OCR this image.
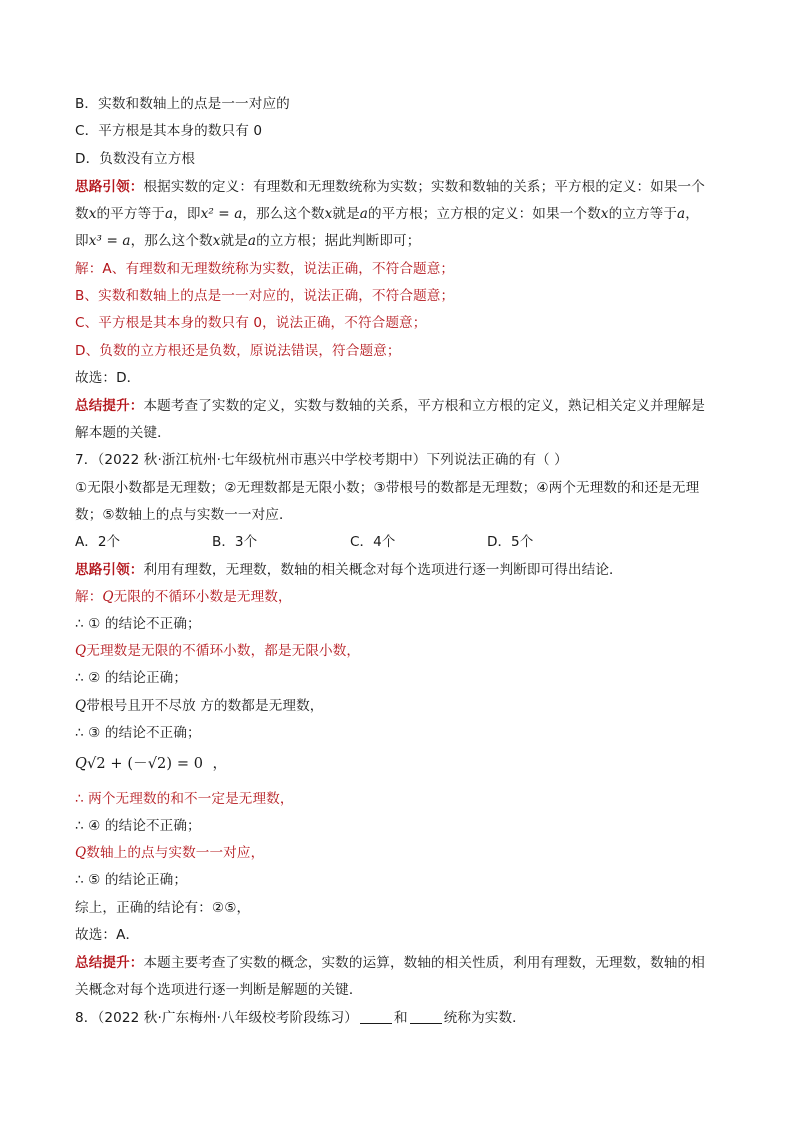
B．实数和数轴上的点是一一对应的
C．平方根是其本身的数只有 0
D．负数没有立方根
思路引领：根据实数的定义：有理数和无理数统称为实数；实数和数轴的关系；平方根的定义：如果一个
数x的平方等于a，即x² = a，那么这个数x就是a的平方根；立方根的定义：如果一个数x的立方等于a，
即x³ = a，那么这个数x就是a的立方根；据此判断即可；
解：A、有理数和无理数统称为实数，说法正确，不符合题意；
B、实数和数轴上的点是一一对应的，说法正确，不符合题意；
C、平方根是其本身的数只有 0，说法正确，不符合题意；
D、负数的立方根还是负数，原说法错误，符合题意；
故选：D．
总结提升：本题考查了实数的定义，实数与数轴的关系，平方根和立方根的定义，熟记相关定义并理解是
解本题的关键．
7．（2022 秋·浙江杭州·七年级杭州市惠兴中学校考期中）下列说法正确的有（ ）
①无限小数都是无理数；②无理数都是无限小数；③带根号的数都是无理数；④两个无理数的和还是无理
数；⑤数轴上的点与实数一一对应．
A．2个	B．3个	C．4个	D．5个
思路引领：利用有理数，无理数，数轴的相关概念对每个选项进行逐一判断即可得出结论．
解：Q无限的不循环小数是无理数，
∴ ① 的结论不正确；
Q无理数是无限的不循环小数，都是无限小数，
∴ ② 的结论正确；
Q带根号且开不尽放 方的数都是无理数，
∴ ③ 的结论不正确；
Q√2 + (－√2) = 0 ，
∴ 两个无理数的和不一定是无理数，
∴ ④ 的结论不正确；
Q数轴上的点与实数一一对应，
∴ ⑤ 的结论正确；
综上，正确的结论有：②⑤，
故选：A．
总结提升：本题主要考查了实数的概念，实数的运算，数轴的相关性质，利用有理数，无理数，数轴的相
关概念对每个选项进行逐一判断是解题的关键．
8．（2022 秋·广东梅州·八年级校考阶段练习）	和	统称为实数．
